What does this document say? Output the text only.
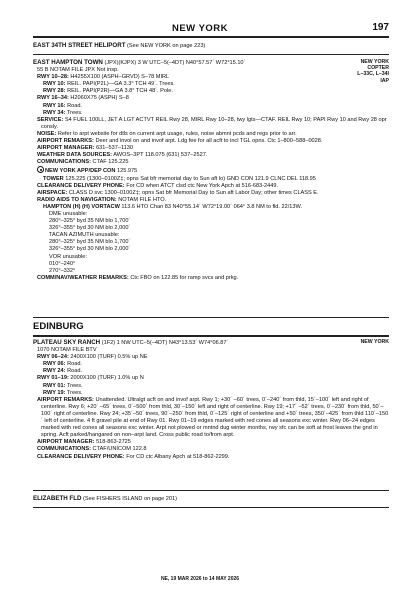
NEW YORK	197
EAST 34TH STREET HELIPORT (See NEW YORK on page 223)
NEW YORK
COPTER
L–33C, L–34I
IAP
EAST HAMPTON TOWN (JPX)(KJPX) 3 W UTC–5(–4DT) N40°57.57´ W72°15.10´
55 B NOTAM FILE JPX Not insp.
RWY 10–28: H4255X100 (ASPH–GRVD) S–78 MIRL
RWY 10: REIL. PAPI(P2L)—GA 3.3° TCH 49´. Trees.
RWY 28: REIL. PAPI(P2R)—GA 3.8° TCH 48´. Pole.
RWY 16–34: H2060X75 (ASPH) S–8
RWY 16: Road.
RWY 34: Trees.
SERVICE: S4 FUEL 100LL, JET A LGT ACTVT REIL Rwy 28, MIRL Rwy 10–28, twy lgts—CTAF. REIL Rwy 10; PAPI Rwy 10 and Rwy 28 opr consly.
NOISE: Refer to arpt website for dtls on current arpt usage, rules, noise abmnt pcds and regs prior to arr.
AIRPORT REMARKS: Deer and invol on and invof arpt. Ldg fee for all acft to incl TGL opns. Ctc 1–800–588–0028.
AIRPORT MANAGER: 631–537–1130
WEATHER DATA SOURCES: AWOS–3PT 118.075 (631) 537–2527.
COMMUNICATIONS: CTAF 125.225
NEW YORK APP/DEP CON 125.975
TOWER 125.225 (1300–0100Z‡; opns Sat bfr memorial day to Sun aft lo) GND CON 121.9 CLNC DEL 118.95
CLEARANCE DELIVERY PHONE: For CD when ATCT clsd ctc New York Apch at 516-683-2449.
AIRSPACE: CLASS D svc 1300–0100Z‡; opns Sat bfr Memorial Day to Sun aft Labor Day; other times CLASS E.
RADIO AIDS TO NAVIGATION: NOTAM FILE HTO.
HAMPTON (H) (H) VORTACW 113.6 HTO Chan 83 N40°55.14´ W72°19.00´ 064° 3.8 NM to fld. 22/13W.
DME unusable:
280°–325° byd 35 NM blo 1,700´
326°–355° byd 30 NM blo 2,000´
TACAN AZIMUTH unusable:
280°–325° byd 35 NM blo 1,700´
326°–355° byd 30 NM blo 2,000´
VOR unusable:
010°–240°
270°–332°
COMM/NAV/WEATHER REMARKS: Ctc FBO on 122.85 for ramp svcs and prkg.
EDINBURG
NEW YORK
PLATEAU SKY RANCH (1F2) 1 NW UTC–5(–4DT) N43°13.53´ W74°06.87´
1070 NOTAM FILE BTV
RWY 06–24: 2400X100 (TURF) 0.5% up NE
RWY 06: Road.
RWY 24: Road.
RWY 01–19: 2000X100 (TURF) 1.0% up N
RWY 01: Trees.
RWY 19: Trees.
AIRPORT REMARKS: Unattended. Ultralgt acft on and invof arpt. Rwy 1; +30´ –60´ trees, 0´–240´ from thld, 15´–100´ left and right of centerline. Rwy 6; +20´ –65´ trees, 0´–500´ from thld, 30´–150´ left and right of centerline. Rwy 19; +17´ –52´ trees, 0´–230´ from thld, 50´–100´ right of centerline. Rwy 24; +35´–50´ trees, 90´–250´ from thld, 0´–125´ right of centerline and +50´ trees, 350´–425´ from thld 110´–150´ left of centerline. 4 ft gravel pile at end of Rwy 01. Rwy 01–19 edges marked with red cones all seasons exc winter. Rwy 06–24 edges marked with red cones all seasons exc winter. Arpt not plowed or mntnd dug winter months, rwy sfc can be soft at frost leaves the gnd in spring. Acft parked/hangared on non–arpt land. Cross public road to/from arpt.
AIRPORT MANAGER: 518-863-2725
COMMUNICATIONS: CTAF/UNICOM 122.8
CLEARANCE DELIVERY PHONE: For CD ctc Albany Apch at 518-862-2299.
ELIZABETH FLD (See FISHERS ISLAND on page 201)
NE, 19 MAR 2026 to 14 MAY 2026
